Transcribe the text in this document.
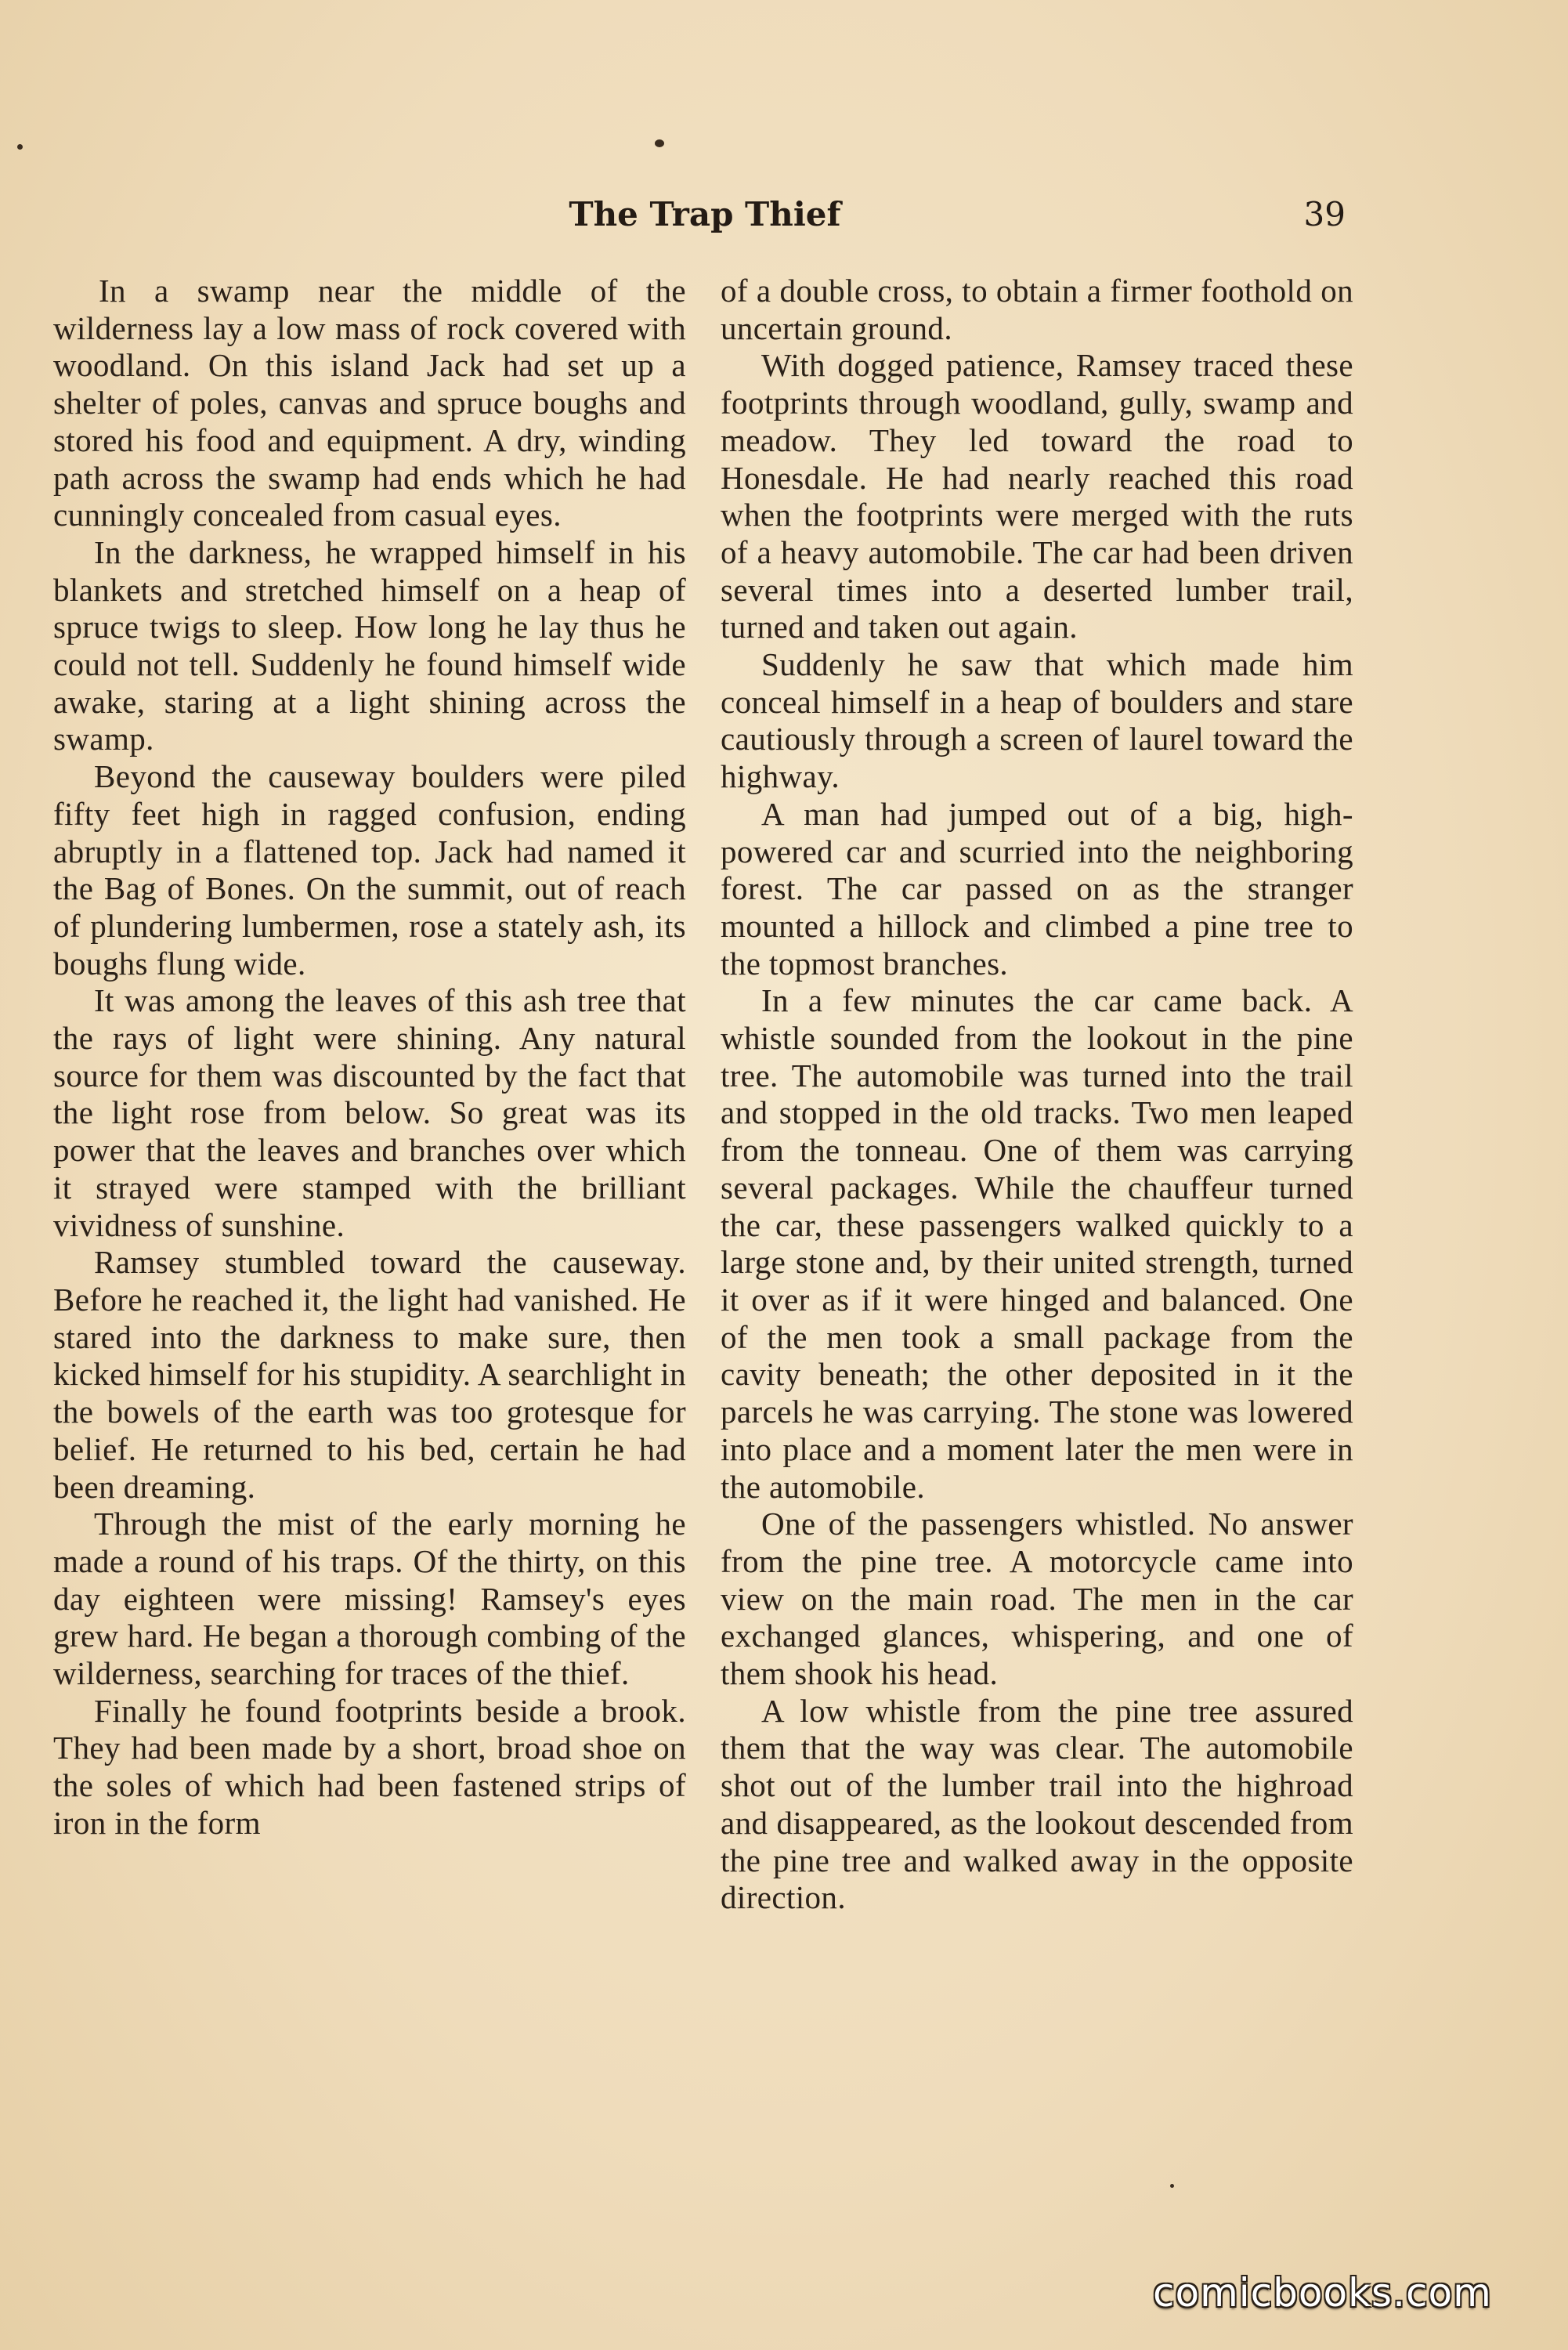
The Trap Thief	39

In a swamp near the middle of the wilderness lay a low mass of rock covered with woodland. On this island Jack had set up a shelter of poles, canvas and spruce boughs and stored his food and equipment. A dry, winding path across the swamp had ends which he had cunningly concealed from casual eyes.

In the darkness, he wrapped himself in his blankets and stretched himself on a heap of spruce twigs to sleep. How long he lay thus he could not tell. Suddenly he found himself wide awake, staring at a light shining across the swamp.

Beyond the causeway boulders were piled fifty feet high in ragged confusion, ending abruptly in a flattened top. Jack had named it the Bag of Bones. On the summit, out of reach of plundering lumbermen, rose a stately ash, its boughs flung wide.

It was among the leaves of this ash tree that the rays of light were shining. Any natural source for them was discounted by the fact that the light rose from below. So great was its power that the leaves and branches over which it strayed were stamped with the brilliant vividness of sunshine.

Ramsey stumbled toward the causeway. Before he reached it, the light had vanished. He stared into the darkness to make sure, then kicked himself for his stupidity. A searchlight in the bowels of the earth was too grotesque for belief. He returned to his bed, certain he had been dreaming.

Through the mist of the early morning he made a round of his traps. Of the thirty, on this day eighteen were missing! Ramsey's eyes grew hard. He began a thorough combing of the wilderness, searching for traces of the thief.

Finally he found footprints beside a brook. They had been made by a short, broad shoe on the soles of which had been fastened strips of iron in the form

of a double cross, to obtain a firmer foothold on uncertain ground.

With dogged patience, Ramsey traced these footprints through woodland, gully, swamp and meadow. They led toward the road to Honesdale. He had nearly reached this road when the footprints were merged with the ruts of a heavy automobile. The car had been driven several times into a deserted lumber trail, turned and taken out again.

Suddenly he saw that which made him conceal himself in a heap of boulders and stare cautiously through a screen of laurel toward the highway.

A man had jumped out of a big, high-powered car and scurried into the neighboring forest. The car passed on as the stranger mounted a hillock and climbed a pine tree to the topmost branches.

In a few minutes the car came back. A whistle sounded from the lookout in the pine tree. The automobile was turned into the trail and stopped in the old tracks. Two men leaped from the tonneau. One of them was carrying several packages. While the chauffeur turned the car, these passengers walked quickly to a large stone and, by their united strength, turned it over as if it were hinged and balanced. One of the men took a small package from the cavity beneath; the other deposited in it the parcels he was carrying. The stone was lowered into place and a moment later the men were in the automobile.

One of the passengers whistled. No answer from the pine tree. A motorcycle came into view on the main road. The men in the car exchanged glances, whispering, and one of them shook his head.

A low whistle from the pine tree assured them that the way was clear. The automobile shot out of the lumber trail into the highroad and disappeared, as the lookout descended from the pine tree and walked away in the opposite direction.

comicbooks.com
